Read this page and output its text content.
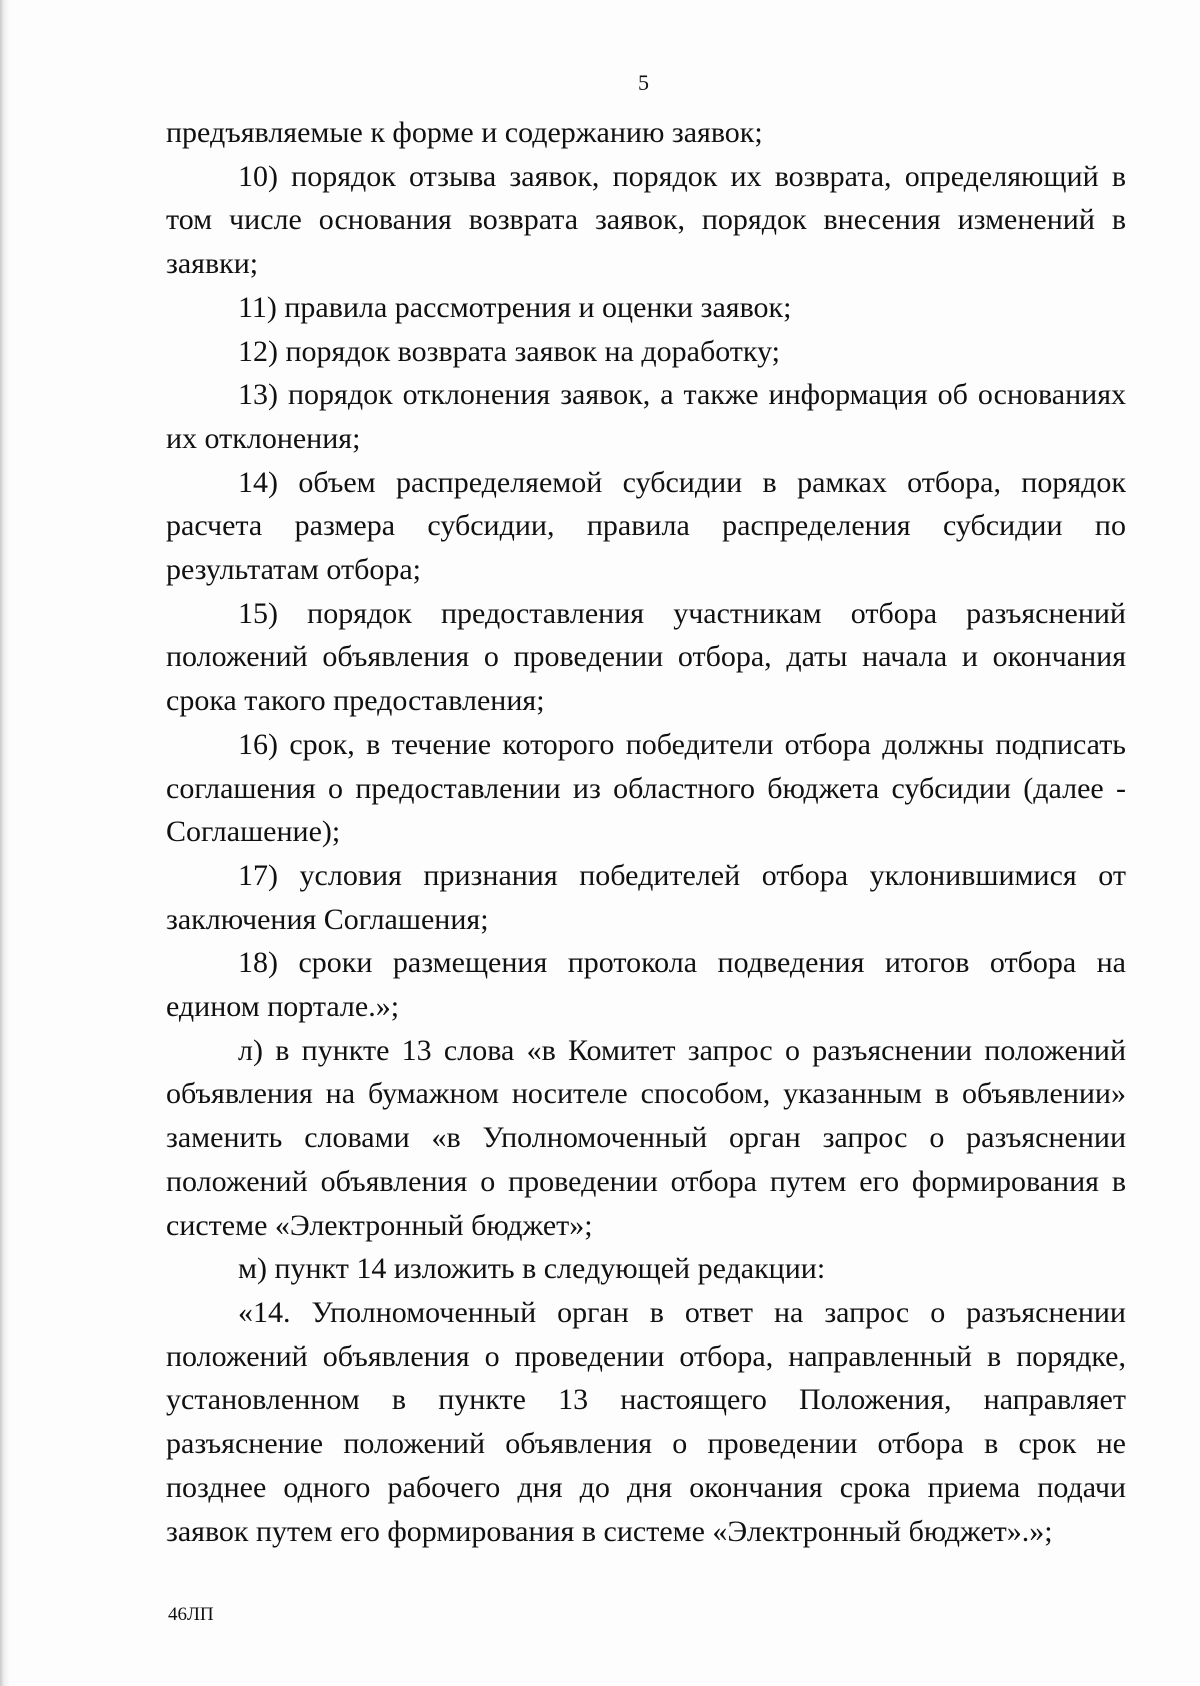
5

предъявляемые к форме и содержанию заявок;

10) порядок отзыва заявок, порядок их возврата, определяющий в том числе основания возврата заявок, порядок внесения изменений в заявки;

11) правила рассмотрения и оценки заявок;

12) порядок возврата заявок на доработку;

13) порядок отклонения заявок, а также информация об основаниях их отклонения;

14) объем распределяемой субсидии в рамках отбора, порядок расчета размера субсидии, правила распределения субсидии по результатам отбора;

15) порядок предоставления участникам отбора разъяснений положений объявления о проведении отбора, даты начала и окончания срока такого предоставления;

16) срок, в течение которого победители отбора должны подписать соглашения о предоставлении из областного бюджета субсидии (далее - Соглашение);

17) условия признания победителей отбора уклонившимися от заключения Соглашения;

18) сроки размещения протокола подведения итогов отбора на едином портале.»;

л) в пункте 13 слова «в Комитет запрос о разъяснении положений объявления на бумажном носителе способом, указанным в объявлении» заменить словами «в Уполномоченный орган запрос о разъяснении положений объявления о проведении отбора путем его формирования в системе «Электронный бюджет»;

м) пункт 14 изложить в следующей редакции:

«14. Уполномоченный орган в ответ на запрос о разъяснении положений объявления о проведении отбора, направленный в порядке, установленном в пункте 13 настоящего Положения, направляет разъяснение положений объявления о проведении отбора в срок не позднее одного рабочего дня до дня окончания срока приема подачи заявок путем его формирования в системе «Электронный бюджет».»;

46ЛП
